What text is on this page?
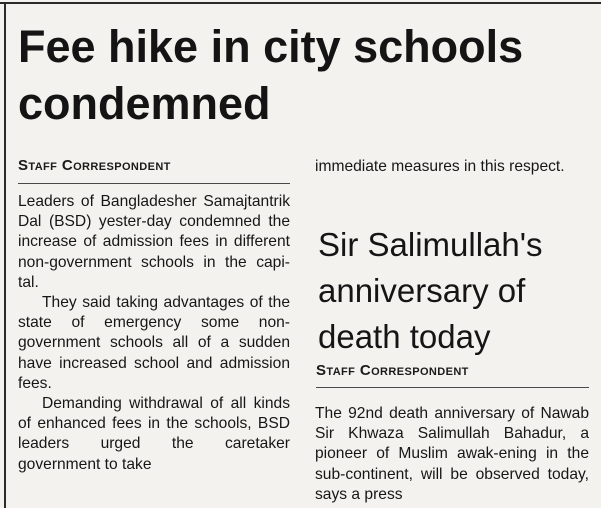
Fee hike in city schools condemned
Staff Correspondent

Leaders of Bangladesher Samajtantrik Dal (BSD) yester-day condemned the increase of admission fees in different non-government schools in the capi-tal.

They said taking advantages of the state of emergency some non-government schools all of a sudden have increased school and admission fees.

Demanding withdrawal of all kinds of enhanced fees in the schools, BSD leaders urged the caretaker government to take

immediate measures in this respect.

Sir Salimullah's anniversary of death today
Staff Correspondent

The 92nd death anniversary of Nawab Sir Khwaza Salimullah Bahadur, a pioneer of Muslim awak-ening in the sub-continent, will be observed today, says a press
